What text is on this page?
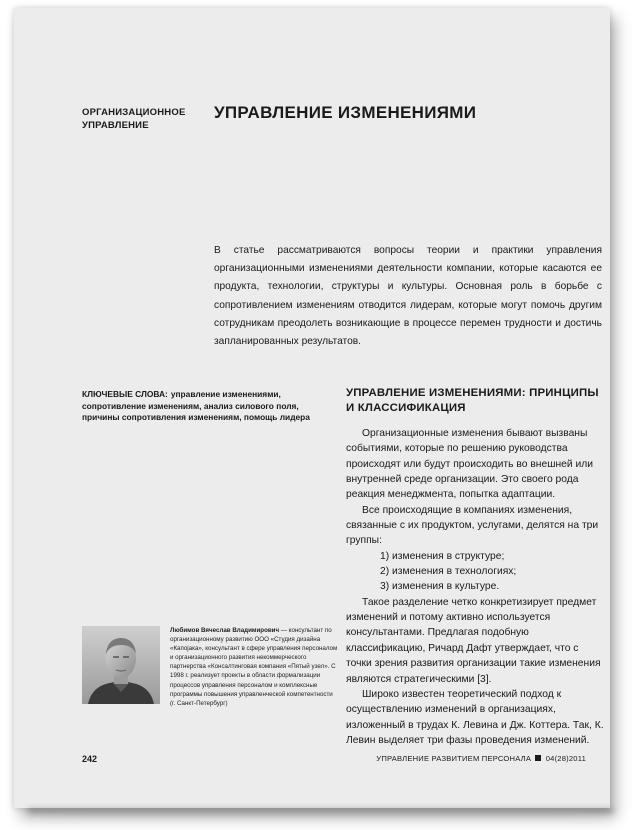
ОРГАНИЗАЦИОННОЕ УПРАВЛЕНИЕ
УПРАВЛЕНИЕ ИЗМЕНЕНИЯМИ
В статье рассматриваются вопросы теории и практики управления организационными изменениями деятельности компании, которые касаются ее продукта, технологии, структуры и культуры. Основная роль в борьбе с сопротивлением изменениям отводится лидерам, которые могут помочь другим сотрудникам преодолеть возникающие в процессе перемен трудности и достичь запланированных результатов.
КЛЮЧЕВЫЕ СЛОВА: управление изменениями, сопротивление изменениям, анализ силового поля, причины сопротивления изменениям, помощь лидера
УПРАВЛЕНИЕ ИЗМЕНЕНИЯМИ: ПРИНЦИПЫ И КЛАССИФИКАЦИЯ

Организационные изменения бывают вызваны событиями, которые по решению руководства происходят или будут происходить во внешней или внутренней среде организации. Это своего рода реакция менеджмента, попытка адаптации.

Все происходящие в компаниях изменения, связанные с их продуктом, услугами, делятся на три группы:

1) изменения в структуре;

2) изменения в технологиях;

3) изменения в культуре.

Такое разделение четко конкретизирует предмет изменений и потому активно используется консультантами. Предлагая подобную классификацию, Ричард Дафт утверждает, что с точки зрения развития организации такие изменения являются стратегическими [3].

Широко известен теоретический подход к осуществлению изменений в организациях, изложенный в трудах К. Левина и Дж. Коттера. Так, К. Левин выделяет три фазы проведения изменений.

Любимов Вячеслав Владимирович — консультант по организационному развитию ООО «Студия дизайна «Капоjака», консультант в сфере управления персоналом и организационного развития некоммерческого партнерства «Консалтинговая компания «Пятый узел». С 1998 г. реализует проекты в области формализации процессов управления персоналом и комплексные программы повышения управленческой компетентности (г. Санкт-Петербург)
242	УПРАВЛЕНИЕ РАЗВИТИЕМ ПЕРСОНАЛА 04(28)2011
